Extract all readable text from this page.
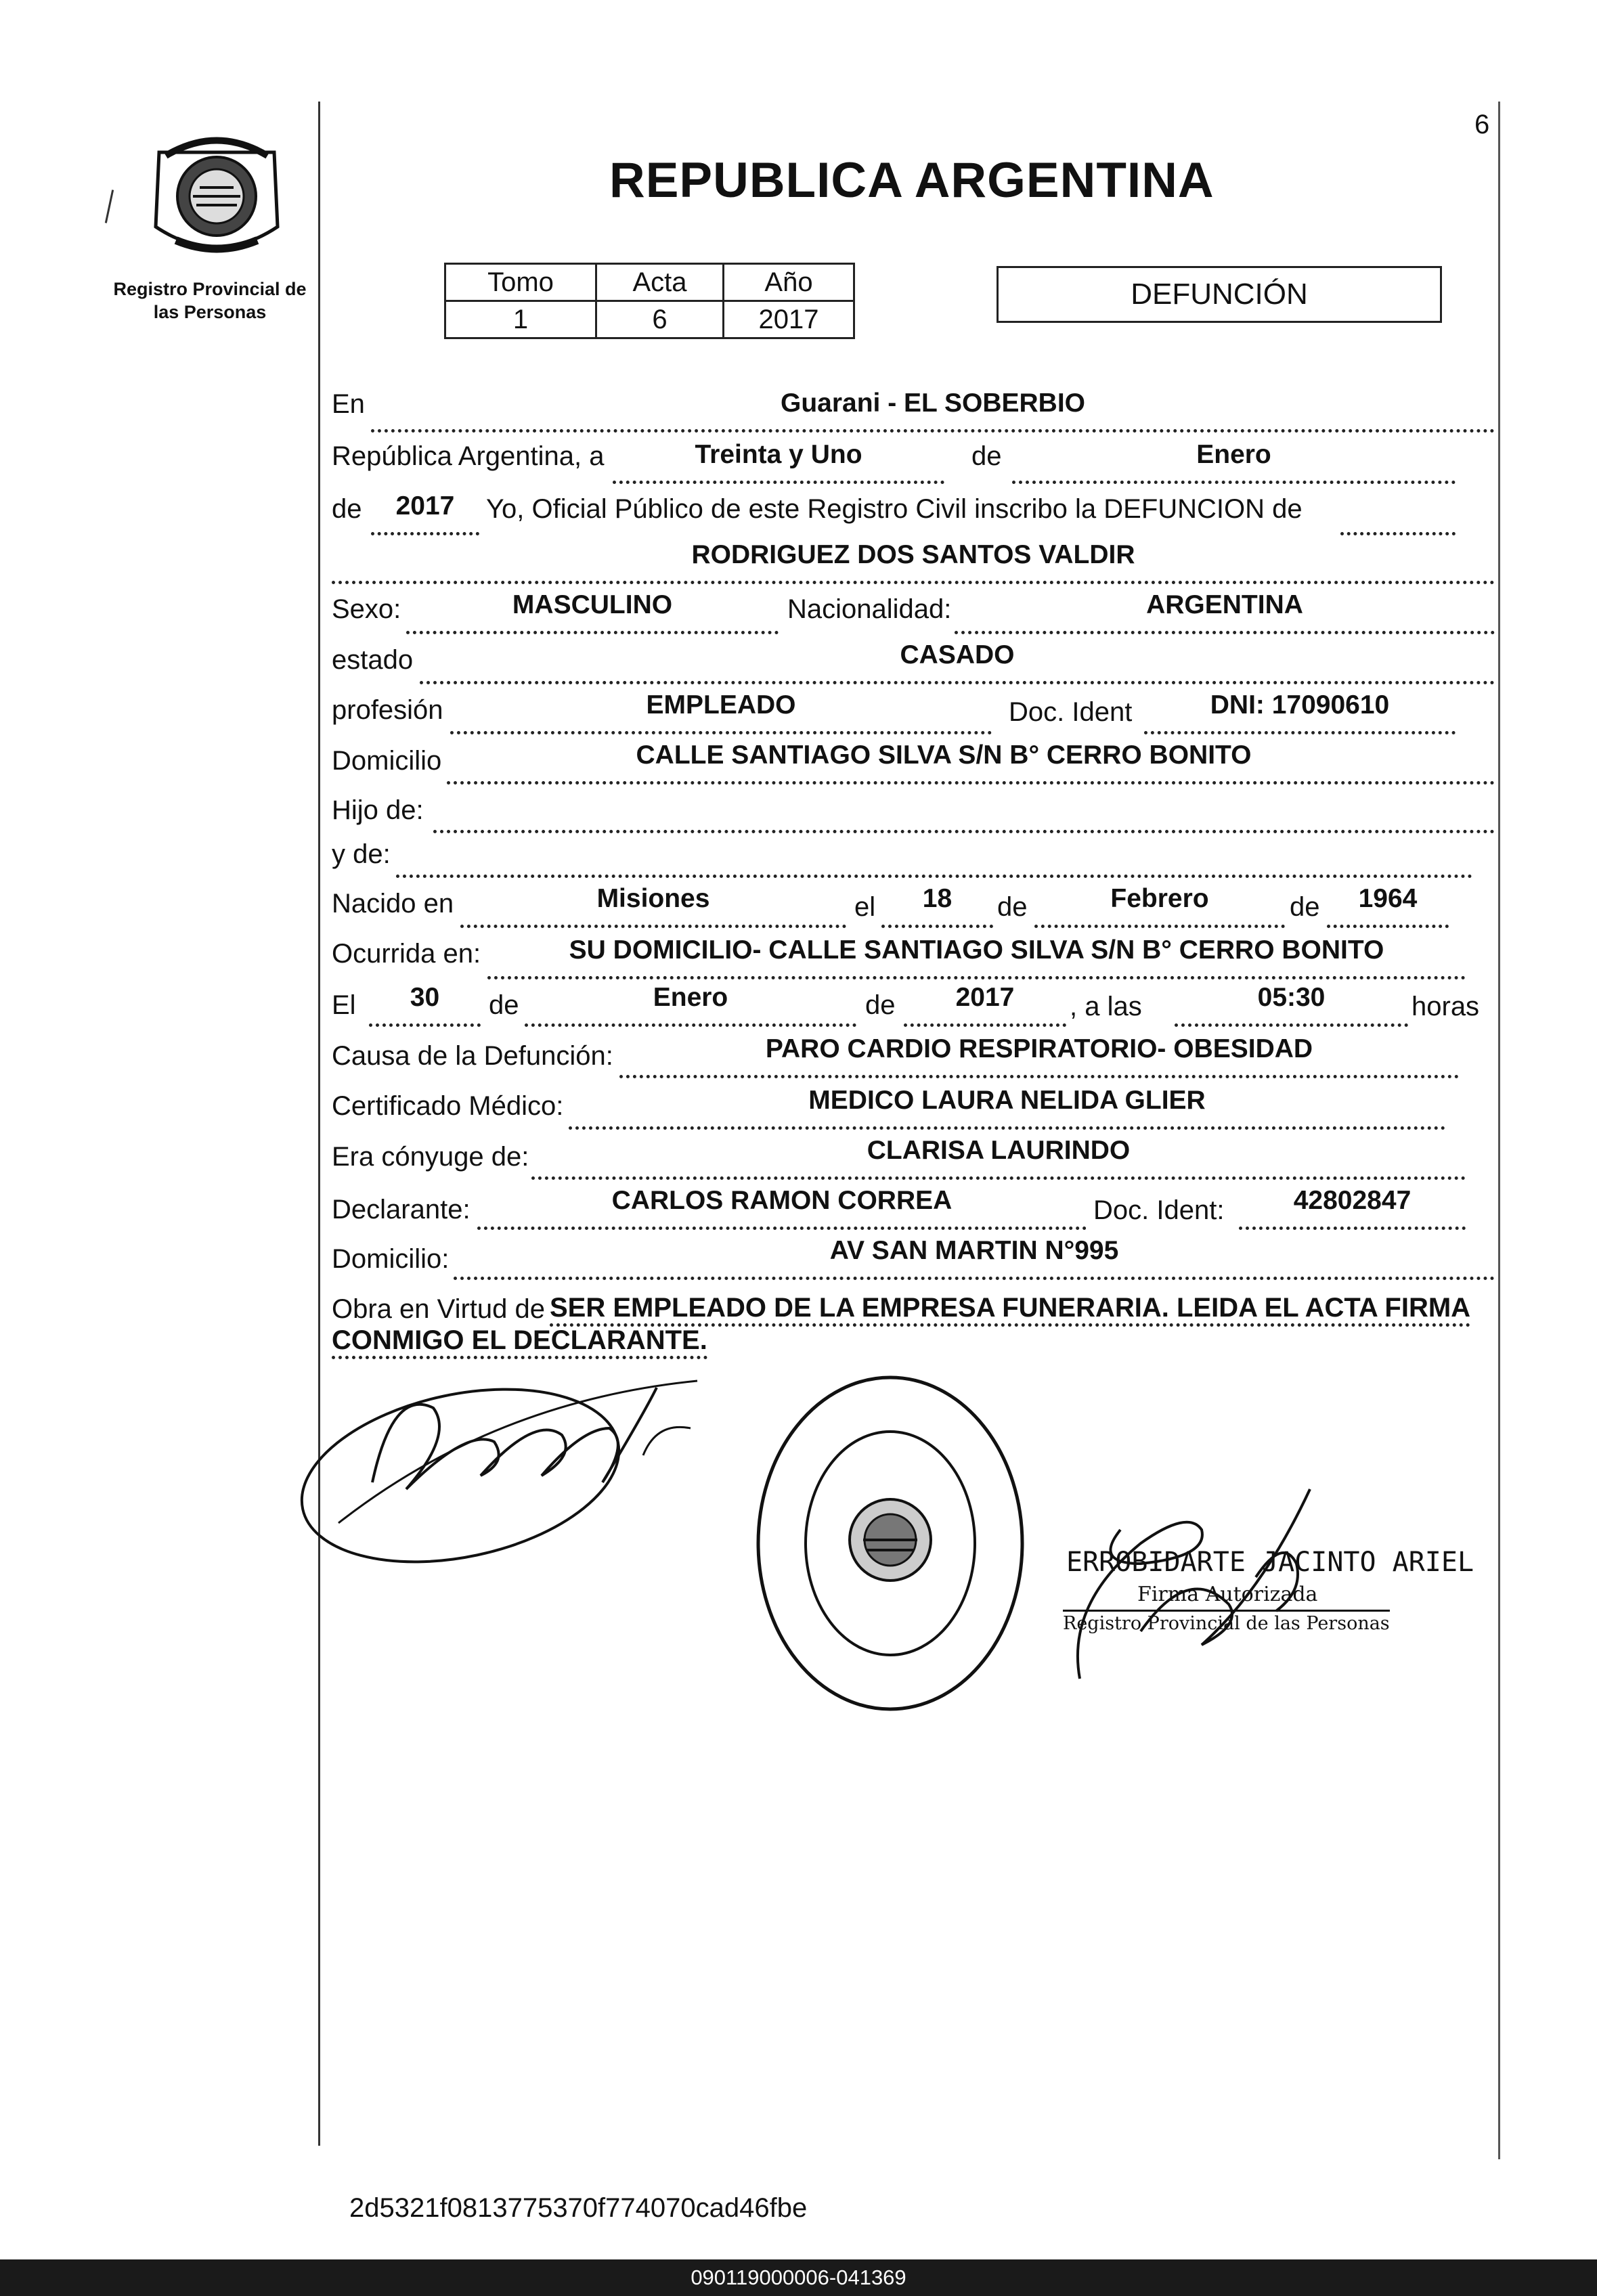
Registro Provincial de
las Personas
6
REPUBLICA ARGENTINA
Tomo	Acta	Año
1	6	2017
DEFUNCIÓN
En	Guarani - EL SOBERBIO
República Argentina, a	Treinta y Uno	de	Enero
de	2017	Yo, Oficial Público de este Registro Civil inscribo la DEFUNCION de
RODRIGUEZ DOS SANTOS VALDIR
Sexo:	MASCULINO	Nacionalidad:	ARGENTINA
estado	CASADO
profesión	EMPLEADO	Doc. Ident	DNI: 17090610
Domicilio	CALLE SANTIAGO SILVA S/N B° CERRO BONITO
Hijo de:
y de:
Nacido en	Misiones	el	18	de	Febrero	de	1964
Ocurrida en:	SU DOMICILIO- CALLE SANTIAGO SILVA S/N B° CERRO BONITO
El	30	de	Enero	de	2017	, a las	05:30	horas
Causa de la Defunción:	PARO CARDIO RESPIRATORIO- OBESIDAD
Certificado Médico:	MEDICO LAURA NELIDA GLIER
Era cónyuge de:	CLARISA LAURINDO
Declarante:	CARLOS RAMON CORREA	Doc. Ident:	42802847
Domicilio:	AV SAN MARTIN N°995
Obra en Virtud de SER EMPLEADO DE LA EMPRESA FUNERARIA. LEIDA EL ACTA FIRMA
CONMIGO EL DECLARANTE.
ERROBIDARTE JACINTO ARIEL
Firma Autorizada
Registro Provincial de las Personas
2d5321f0813775370f774070cad46fbe
090119000006-041369
